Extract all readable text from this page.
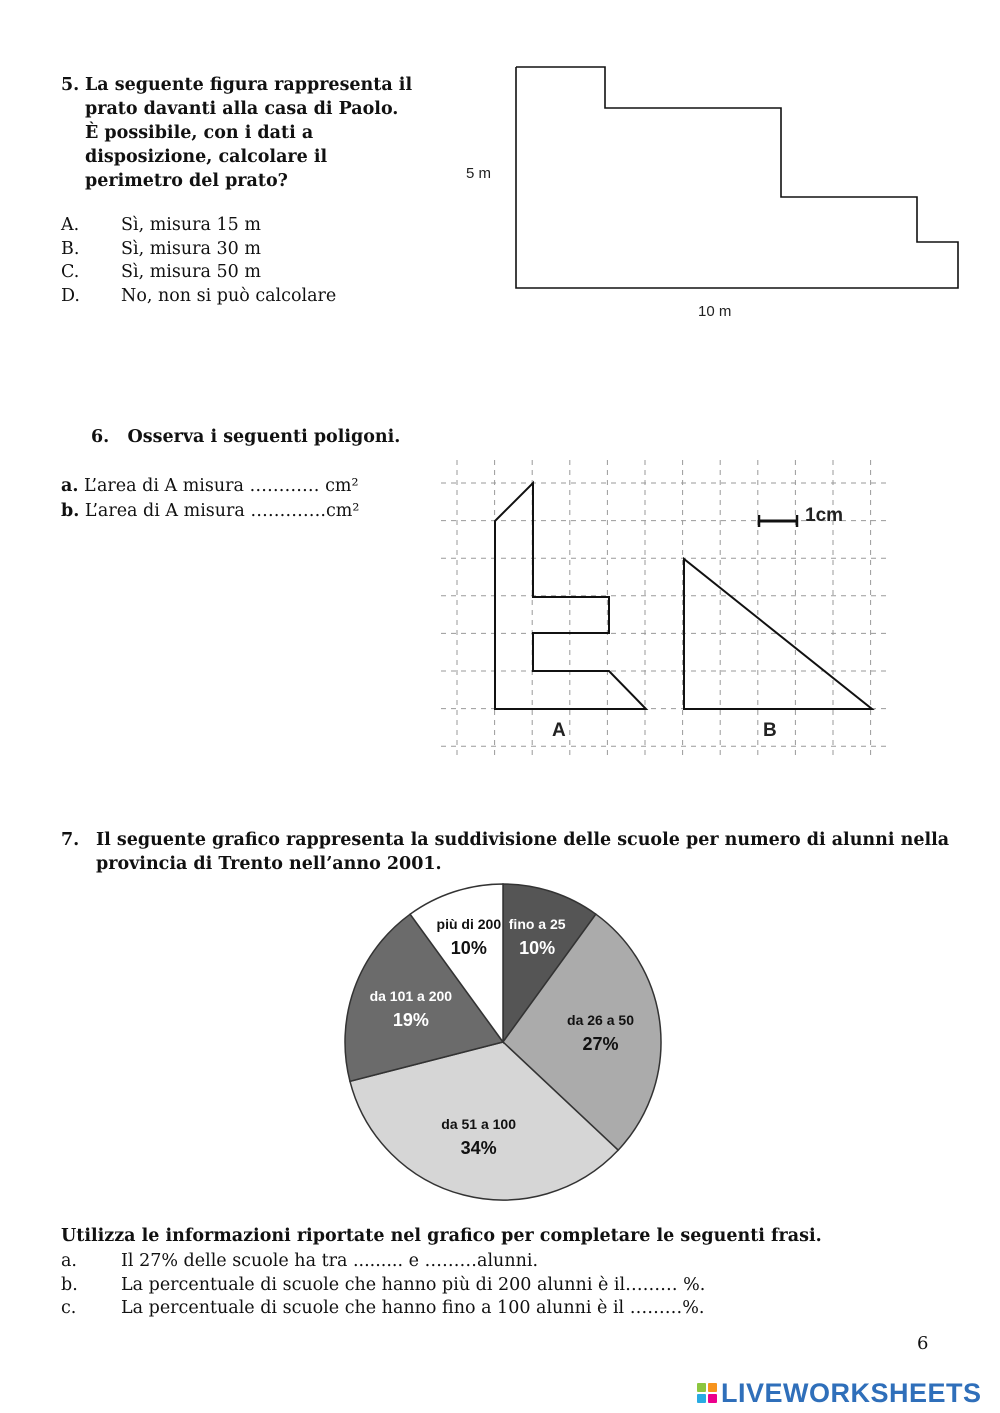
5. La seguente figura rappresenta il
prato davanti alla casa di Paolo.
È possibile, con i dati a
disposizione, calcolare il
perimetro del prato?
A. Sì, misura 15 m
B. Sì, misura 30 m
C. Sì, misura 50 m
D. No, non si può calcolare
5 m
10 m
6.   Osserva i seguenti poligoni.
a. L’area di A misura ………… cm²
b. L’area di A misura ………….cm²	1cm
A	B
7. Il seguente grafico rappresenta la suddivisione delle scuole per numero di alunni nella
provincia di Trento nell’anno 2001.
fino a 25
10%
da 26 a 50
27%
da 51 a 100
34%
da 101 a 200
19%
più di 200
10%
Utilizza le informazioni riportate nel grafico per completare le seguenti frasi.
a.	Il 27% delle scuole ha tra ......... e ………alunni.
b. La percentuale di scuole che hanno più di 200 alunni è il……… %.
c.	La percentuale di scuole che hanno fino a 100 alunni è il ………%.
6
LIVEWORKSHEETS
